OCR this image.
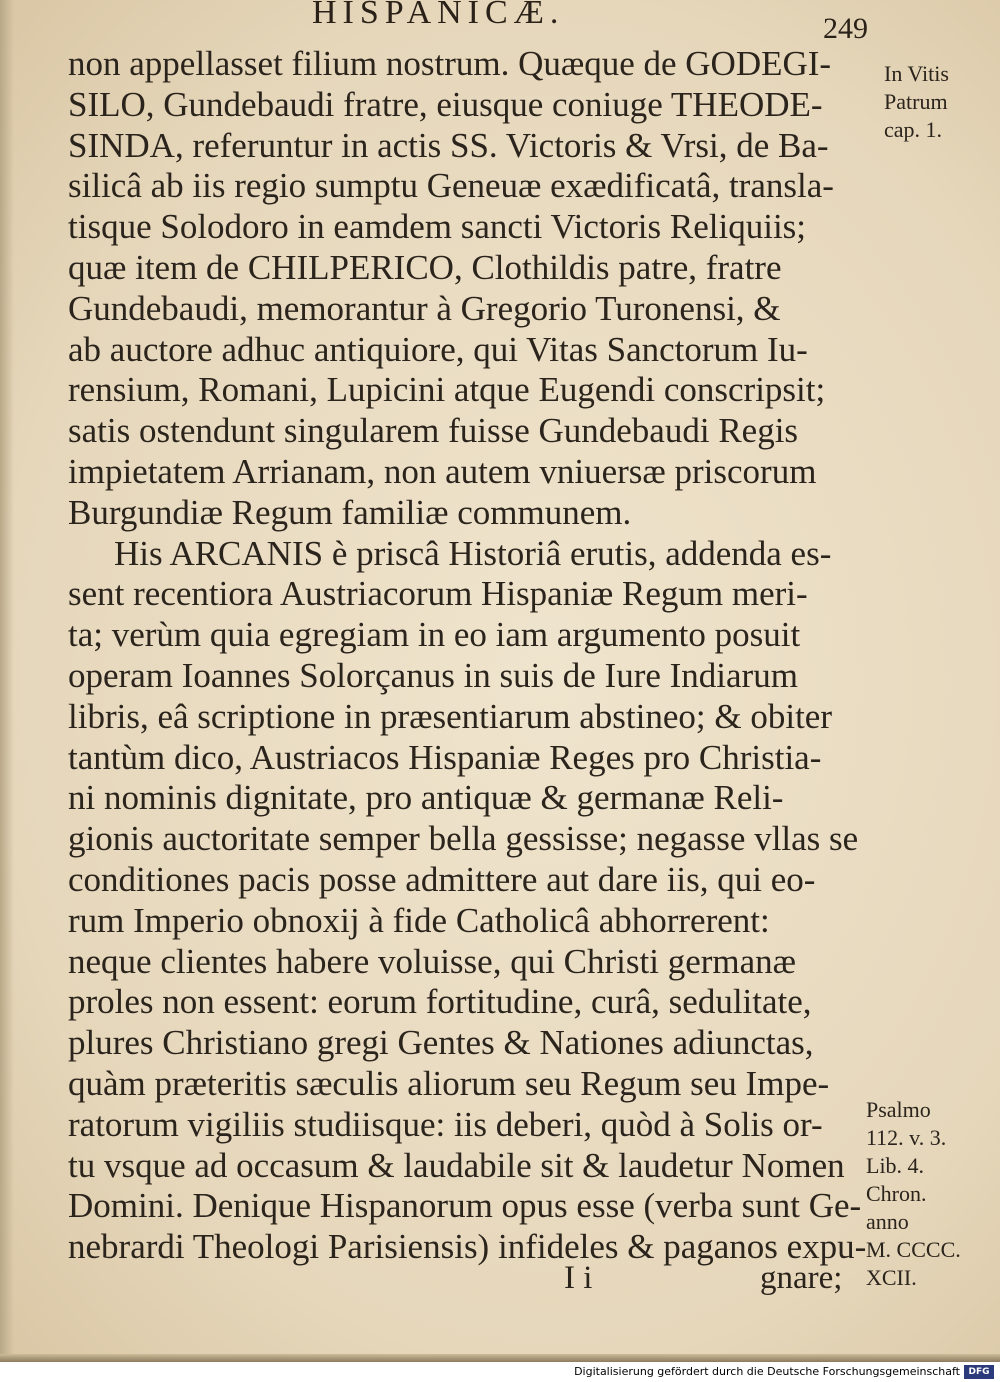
HISPANICÆ.	249
non appellasset filium nostrum. Quæque de GODEGI-
SILO, Gundebaudi fratre, eiusque coniuge THEODE-
SINDA, referuntur in actis SS. Victoris & Vrsi, de Ba-
silicâ ab iis regio sumptu Geneuæ exædificatâ, transla-
tisque Solodoro in eamdem sancti Victoris Reliquiis;
quæ item de CHILPERICO, Clothildis patre, fratre
Gundebaudi, memorantur à Gregorio Turonensi, &
ab auctore adhuc antiquiore, qui Vitas Sanctorum Iu-
rensium, Romani, Lupicini atque Eugendi conscripsit;
satis ostendunt singularem fuisse Gundebaudi Regis
impietatem Arrianam, non autem vniuersæ priscorum
Burgundiæ Regum familiæ communem.
His ARCANIS è priscâ Historiâ erutis, addenda es-
sent recentiora Austriacorum Hispaniæ Regum meri-
ta; verùm quia egregiam in eo iam argumento posuit
operam Ioannes Solorçanus in suis de Iure Indiarum
libris, eâ scriptione in præsentiarum abstineo; & obiter
tantùm dico, Austriacos Hispaniæ Reges pro Christia-
ni nominis dignitate, pro antiquæ & germanæ Reli-
gionis auctoritate semper bella gessisse; negasse vllas se
conditiones pacis posse admittere aut dare iis, qui eo-
rum Imperio obnoxij à fide Catholicâ abhorrerent:
neque clientes habere voluisse, qui Christi germanæ
proles non essent: eorum fortitudine, curâ, sedulitate,
plures Christiano gregi Gentes & Nationes adiunctas,
quàm præteritis sæculis aliorum seu Regum seu Impe-
ratorum vigiliis studiisque: iis deberi, quòd à Solis or-
tu vsque ad occasum & laudabile sit & laudetur Nomen
Domini. Denique Hispanorum opus esse (verba sunt Ge-
nebrardi Theologi Parisiensis) infideles & paganos expu-
I i	gnare;
In Vitis
Patrum
cap. 1.
Psalmo
112. v. 3.
Lib. 4.
Chron.
anno
M. CCCC.
XCII.
Digitalisierung gefördert durch die Deutsche Forschungsgemeinschaft DFG
